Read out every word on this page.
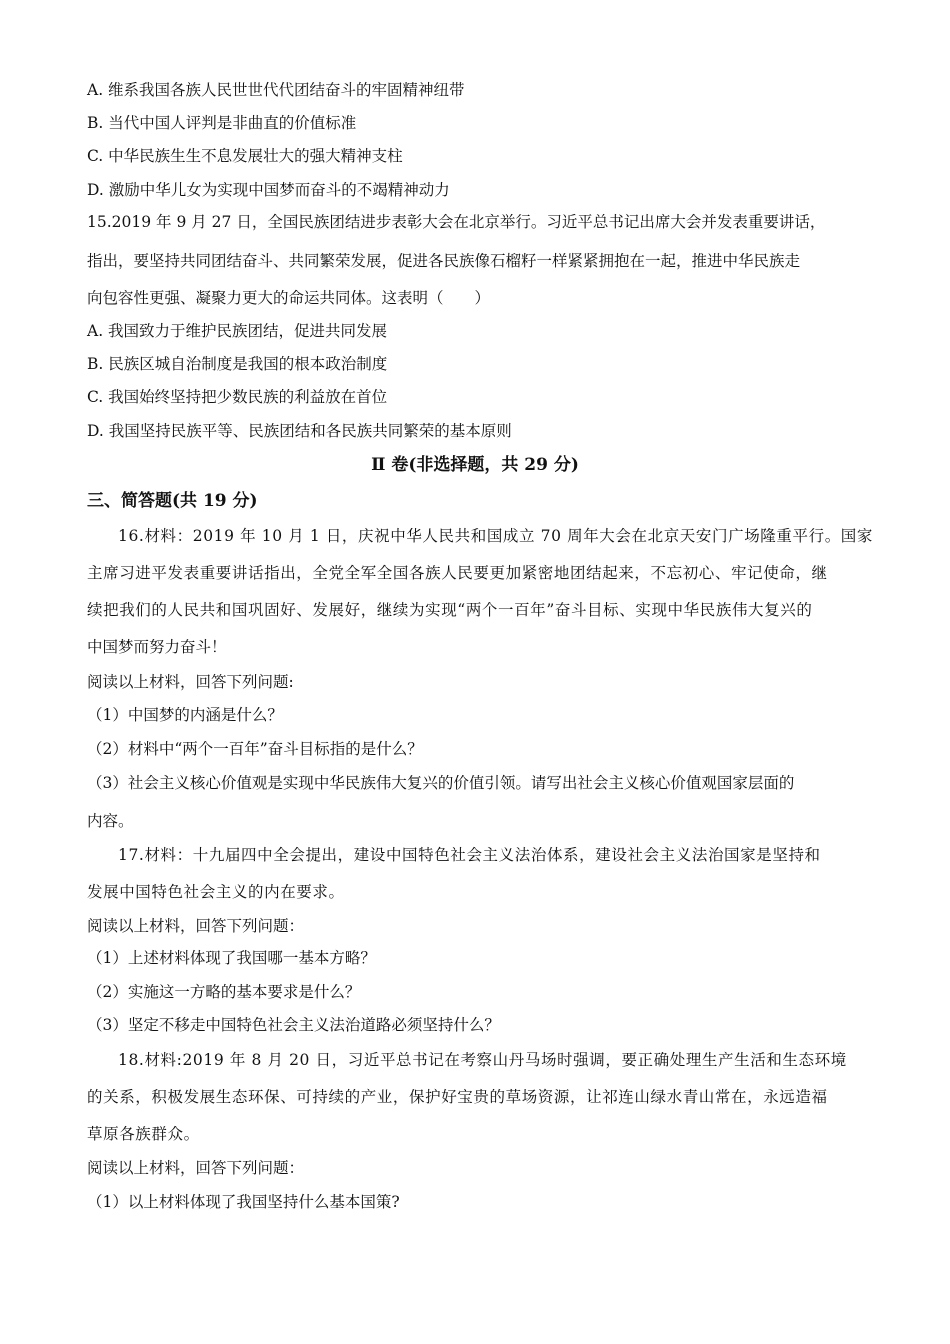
A. 维系我国各族人民世世代代团结奋斗的牢固精神纽带
B. 当代中国人评判是非曲直的价值标准
C. 中华民族生生不息发展壮大的强大精神支柱
D. 激励中华儿女为实现中国梦而奋斗的不竭精神动力
15.2019 年 9 月 27 日，全国民族团结进步表彰大会在北京举行。习近平总书记出席大会并发表重要讲话，
指出，要坚持共同团结奋斗、共同繁荣发展，促进各民族像石榴籽一样紧紧拥抱在一起，推进中华民族走
向包容性更强、凝聚力更大的命运共同体。这表明（　　）
A. 我国致力于维护民族团结，促进共同发展
B. 民族区城自治制度是我国的根本政治制度
C. 我国始终坚持把少数民族的利益放在首位
D. 我国坚持民族平等、民族团结和各民族共同繁荣的基本原则
Ⅱ 卷(非选择题，共 29 分)
三、简答题(共 19 分)
16.材料：2019 年 10 月 1 日，庆祝中华人民共和国成立 70 周年大会在北京天安门广场隆重平行。国家
主席习进平发表重要讲话指出，全党全军全国各族人民要更加紧密地团结起来，不忘初心、牢记使命，继
续把我们的人民共和国巩固好、发展好，继续为实现“两个一百年”奋斗目标、实现中华民族伟大复兴的
中国梦而努力奋斗！
阅读以上材料，回答下列问题:
（1）中国梦的内涵是什么？
（2）材料中“两个一百年”奋斗目标指的是什么？
（3）社会主义核心价值观是实现中华民族伟大复兴的价值引领。请写出社会主义核心价值观国家层面的
内容。
17.材料：十九届四中全会提出，建设中国特色社会主义法治体系，建设社会主义法治国家是坚持和
发展中国特色社会主义的内在要求。
阅读以上材料，回答下列问题：
（1）上述材料体现了我国哪一基本方略？
（2）实施这一方略的基本要求是什么？
（3）坚定不移走中国特色社会主义法治道路必须坚持什么？
18.材料:2019 年 8 月 20 日，习近平总书记在考察山丹马场时强调，要正确处理生产生活和生态环境
的关系，积极发展生态环保、可持续的产业，保护好宝贵的草场资源，让祁连山绿水青山常在，永远造福
草原各族群众。
阅读以上材料，回答下列问题：
（1）以上材料体现了我国坚持什么基本国策?
